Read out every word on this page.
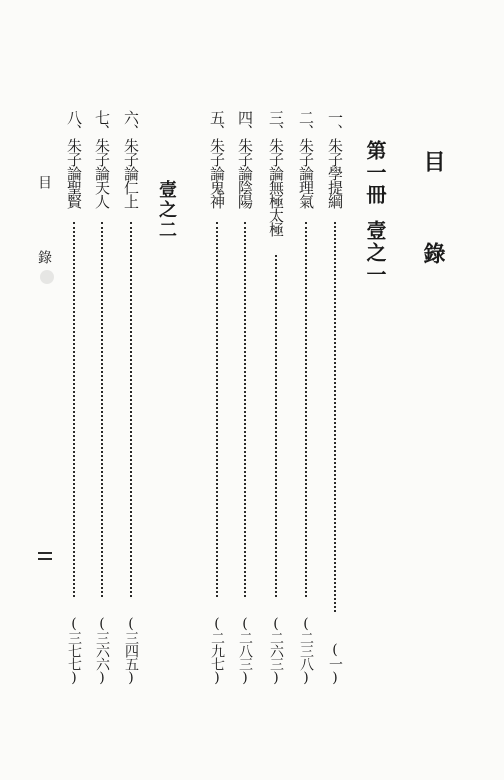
目 錄
第一冊壹之一
壹之二
一、朱子學提綱
(一)
二、朱子論理氣
(二三八)
三、朱子論無極太極
(二六三)
四、朱子論陰陽
(二八三)
五、朱子論鬼神
(二九七)
六、朱子論仁上
(三四五)
七、朱子論天人
(三六六)
八、朱子論聖賢
(三七七)
目
錄
